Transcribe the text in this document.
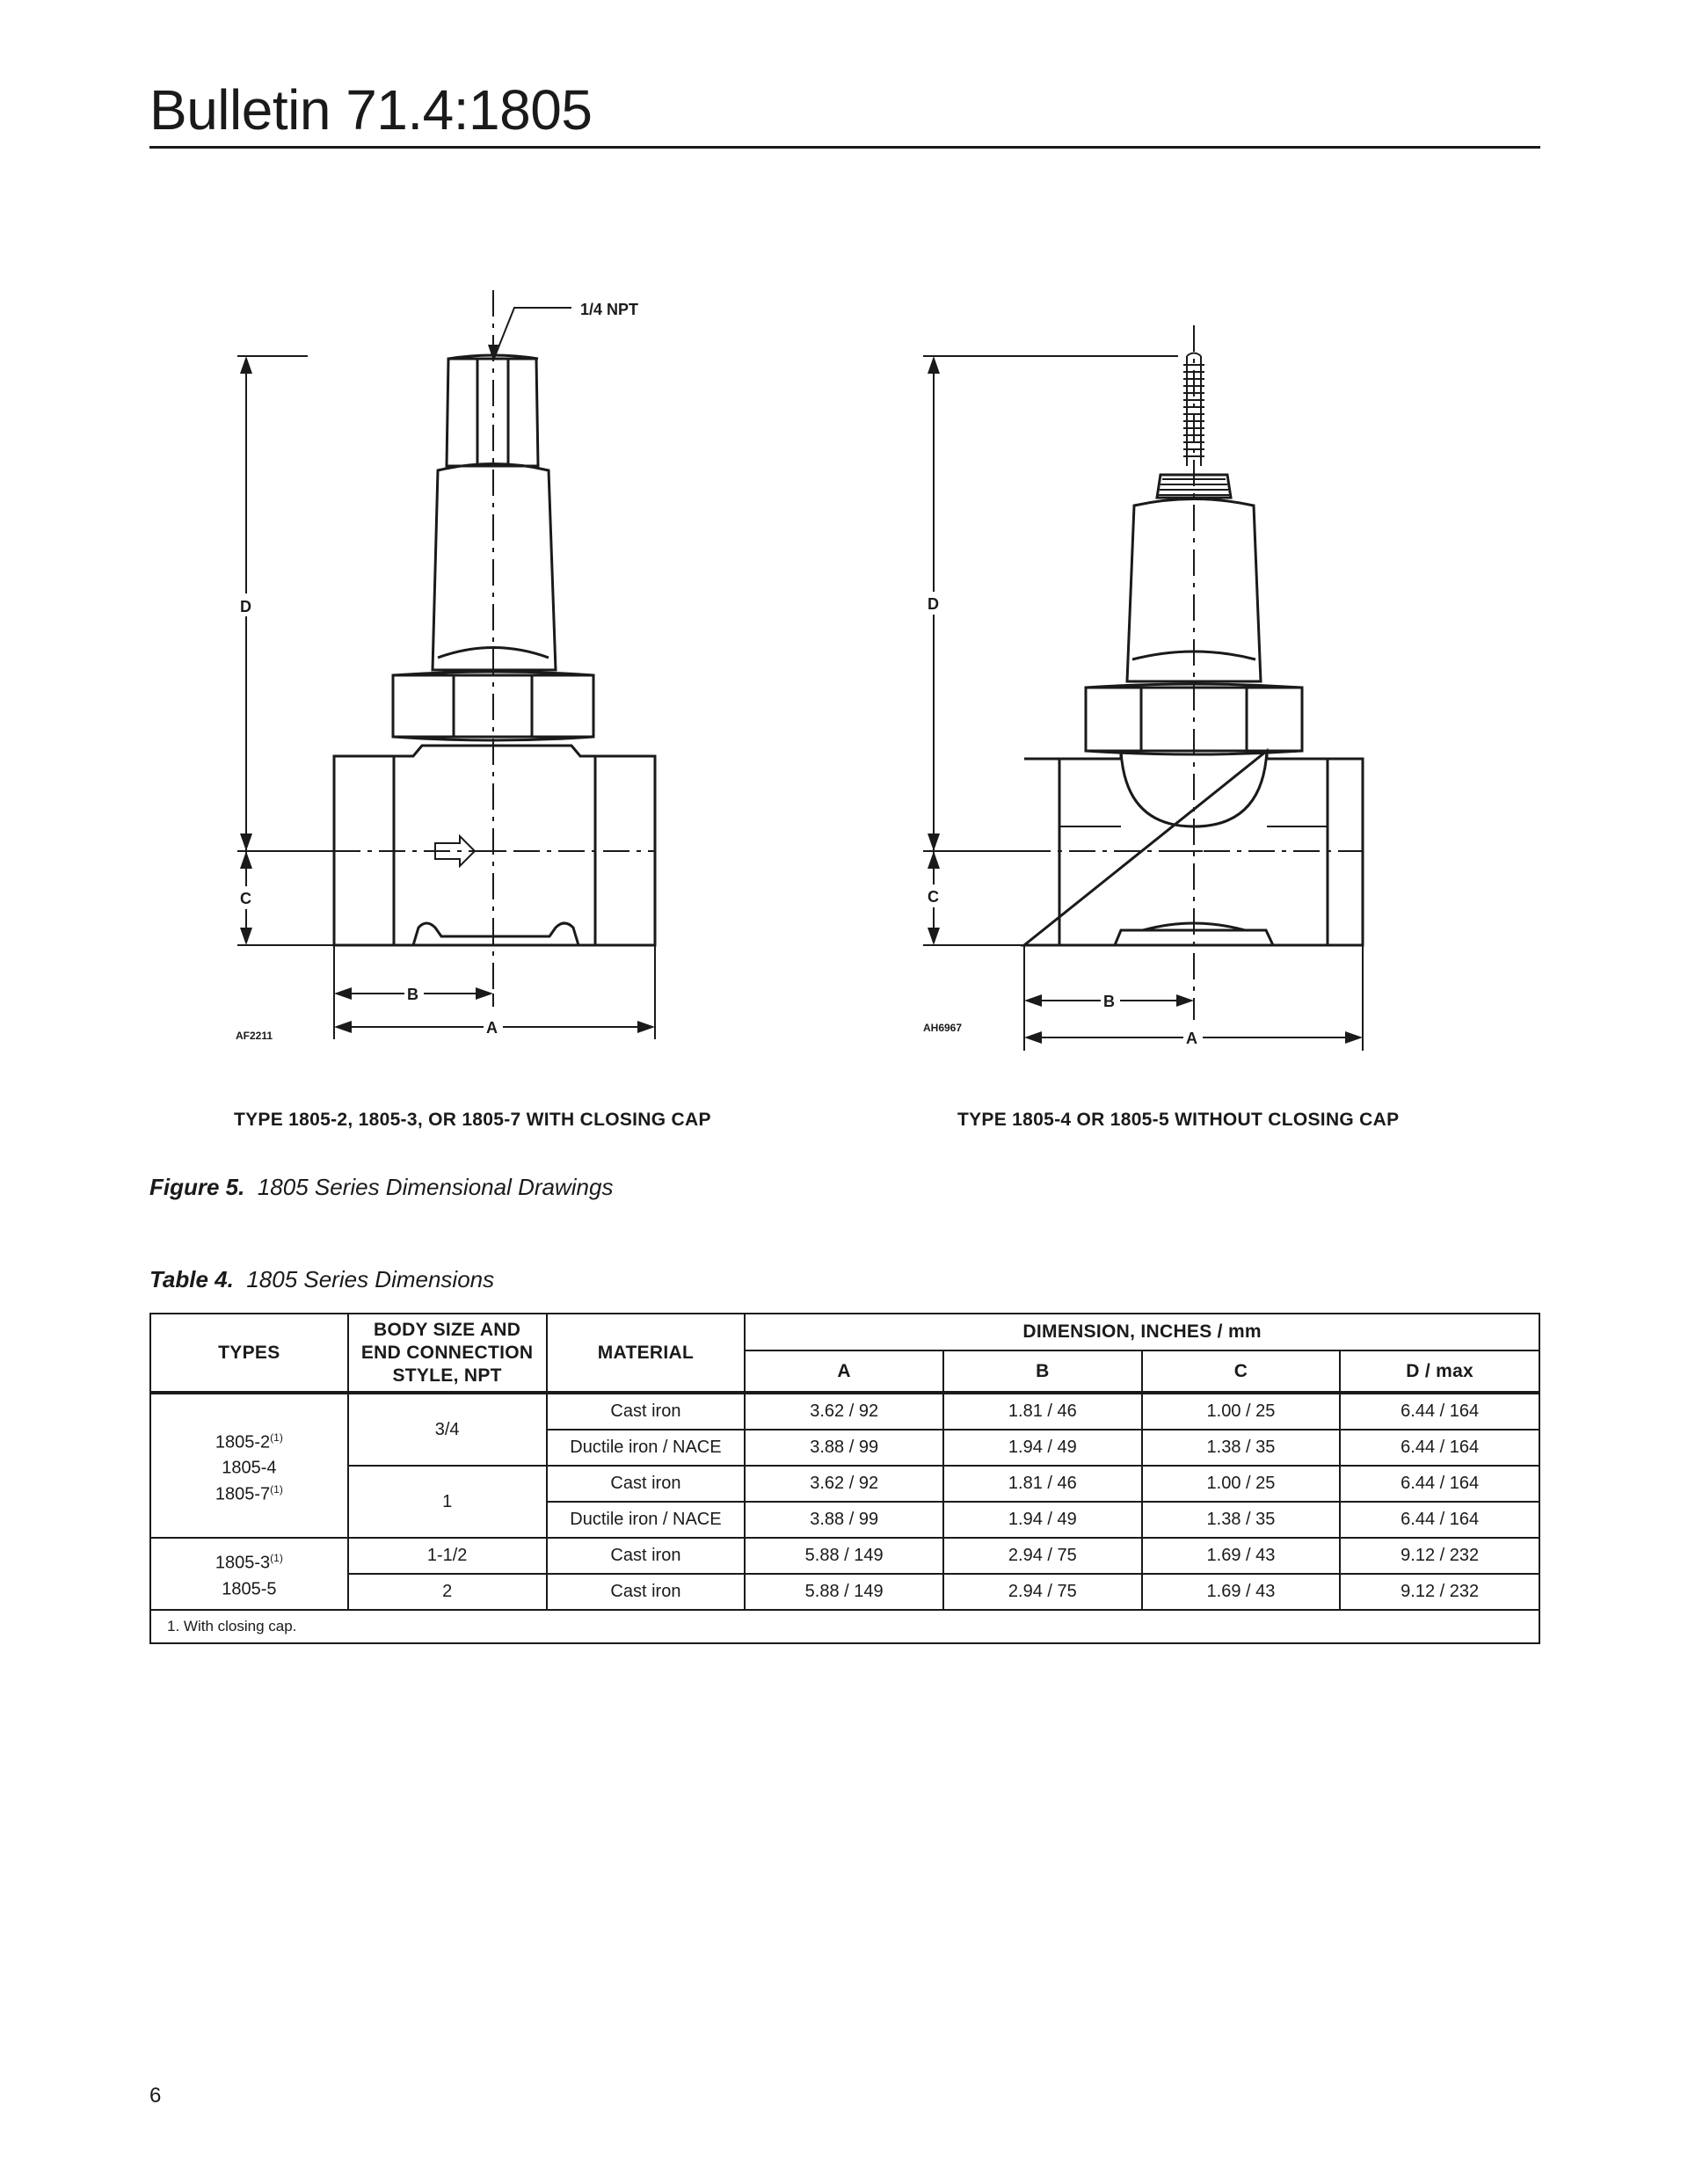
Bulletin 71.4:1805
1/4 NPT
D
C
B
A
AF2211
D
C
B
A
AH6967
TYPE 1805-2, 1805-3, OR 1805-7 WITH CLOSING CAP	TYPE 1805-4 OR 1805-5 WITHOUT CLOSING CAP
Figure 5. 1805 Series Dimensional Drawings
Table 4. 1805 Series Dimensions
TYPES	BODY SIZE AND
END CONNECTION
STYLE, NPT	MATERIAL	DIMENSION, INCHES / mm			
			A	B	C	D / max

1805-2$^{(1)}$
1805-4
1805-7$^{(1)}$	3/4	Cast iron	3.62 / 92	1.81 / 46	1.00 / 25	6.44 / 164
		Ductile iron / NACE	3.88 / 99	1.94 / 49	1.38 / 35	6.44 / 164
	1	Cast iron	3.62 / 92	1.81 / 46	1.00 / 25	6.44 / 164
		Ductile iron / NACE	3.88 / 99	1.94 / 49	1.38 / 35	6.44 / 164

1805-3$^{(1)}$
1805-5	1-1/2	Cast iron	5.88 / 149	2.94 / 75	1.69 / 43	9.12 / 232
	2	Cast iron	5.88 / 149	2.94 / 75	1.69 / 43	9.12 / 232
1. With closing cap.						
6
